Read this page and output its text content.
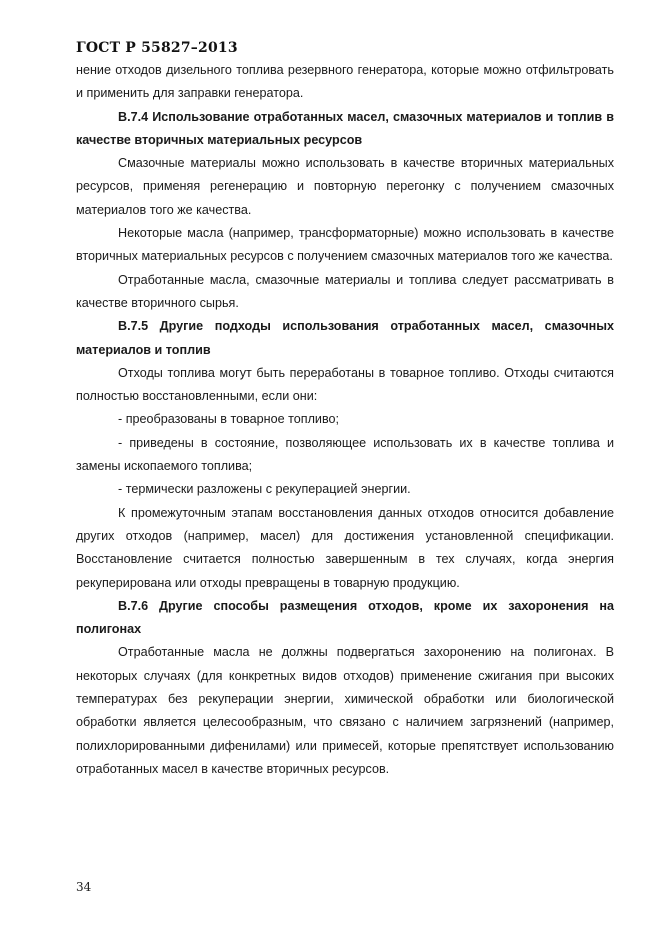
ГОСТ Р 55827–2013

нение отходов дизельного топлива резервного генератора, которые можно отфильтровать и применить для заправки генератора.

B.7.4 Использование отработанных масел, смазочных материалов и топлив в качестве вторичных материальных ресурсов

Смазочные материалы можно использовать в качестве вторичных материальных ресурсов, применяя регенерацию и повторную перегонку с получением смазочных материалов того же качества.

Некоторые масла (например, трансформаторные) можно использовать в качестве вторичных материальных ресурсов с получением смазочных материалов того же качества.

Отработанные масла, смазочные материалы и топлива следует рассматривать в качестве вторичного сырья.

B.7.5 Другие подходы использования отработанных масел, смазочных материалов и топлив

Отходы топлива могут быть переработаны в товарное топливо. Отходы считаются полностью восстановленными, если они:

- преобразованы в товарное топливо;

- приведены в состояние, позволяющее использовать их в качестве топлива и замены ископаемого топлива;

- термически разложены с рекуперацией энергии.

К промежуточным этапам восстановления данных отходов относится добавление других отходов (например, масел) для достижения установленной спецификации. Восстановление считается полностью завершенным в тех случаях, когда энергия рекуперирована или отходы превращены в товарную продукцию.

B.7.6 Другие способы размещения отходов, кроме их захоронения на полигонах

Отработанные масла не должны подвергаться захоронению на полигонах. В некоторых случаях (для конкретных видов отходов) применение сжигания при высоких температурах без рекуперации энергии, химической обработки или биологической обработки является целесообразным, что связано с наличием загрязнений (например, полихлорированными дифенилами) или примесей, которые препятствует использованию отработанных масел в качестве вторичных ресурсов.

34
